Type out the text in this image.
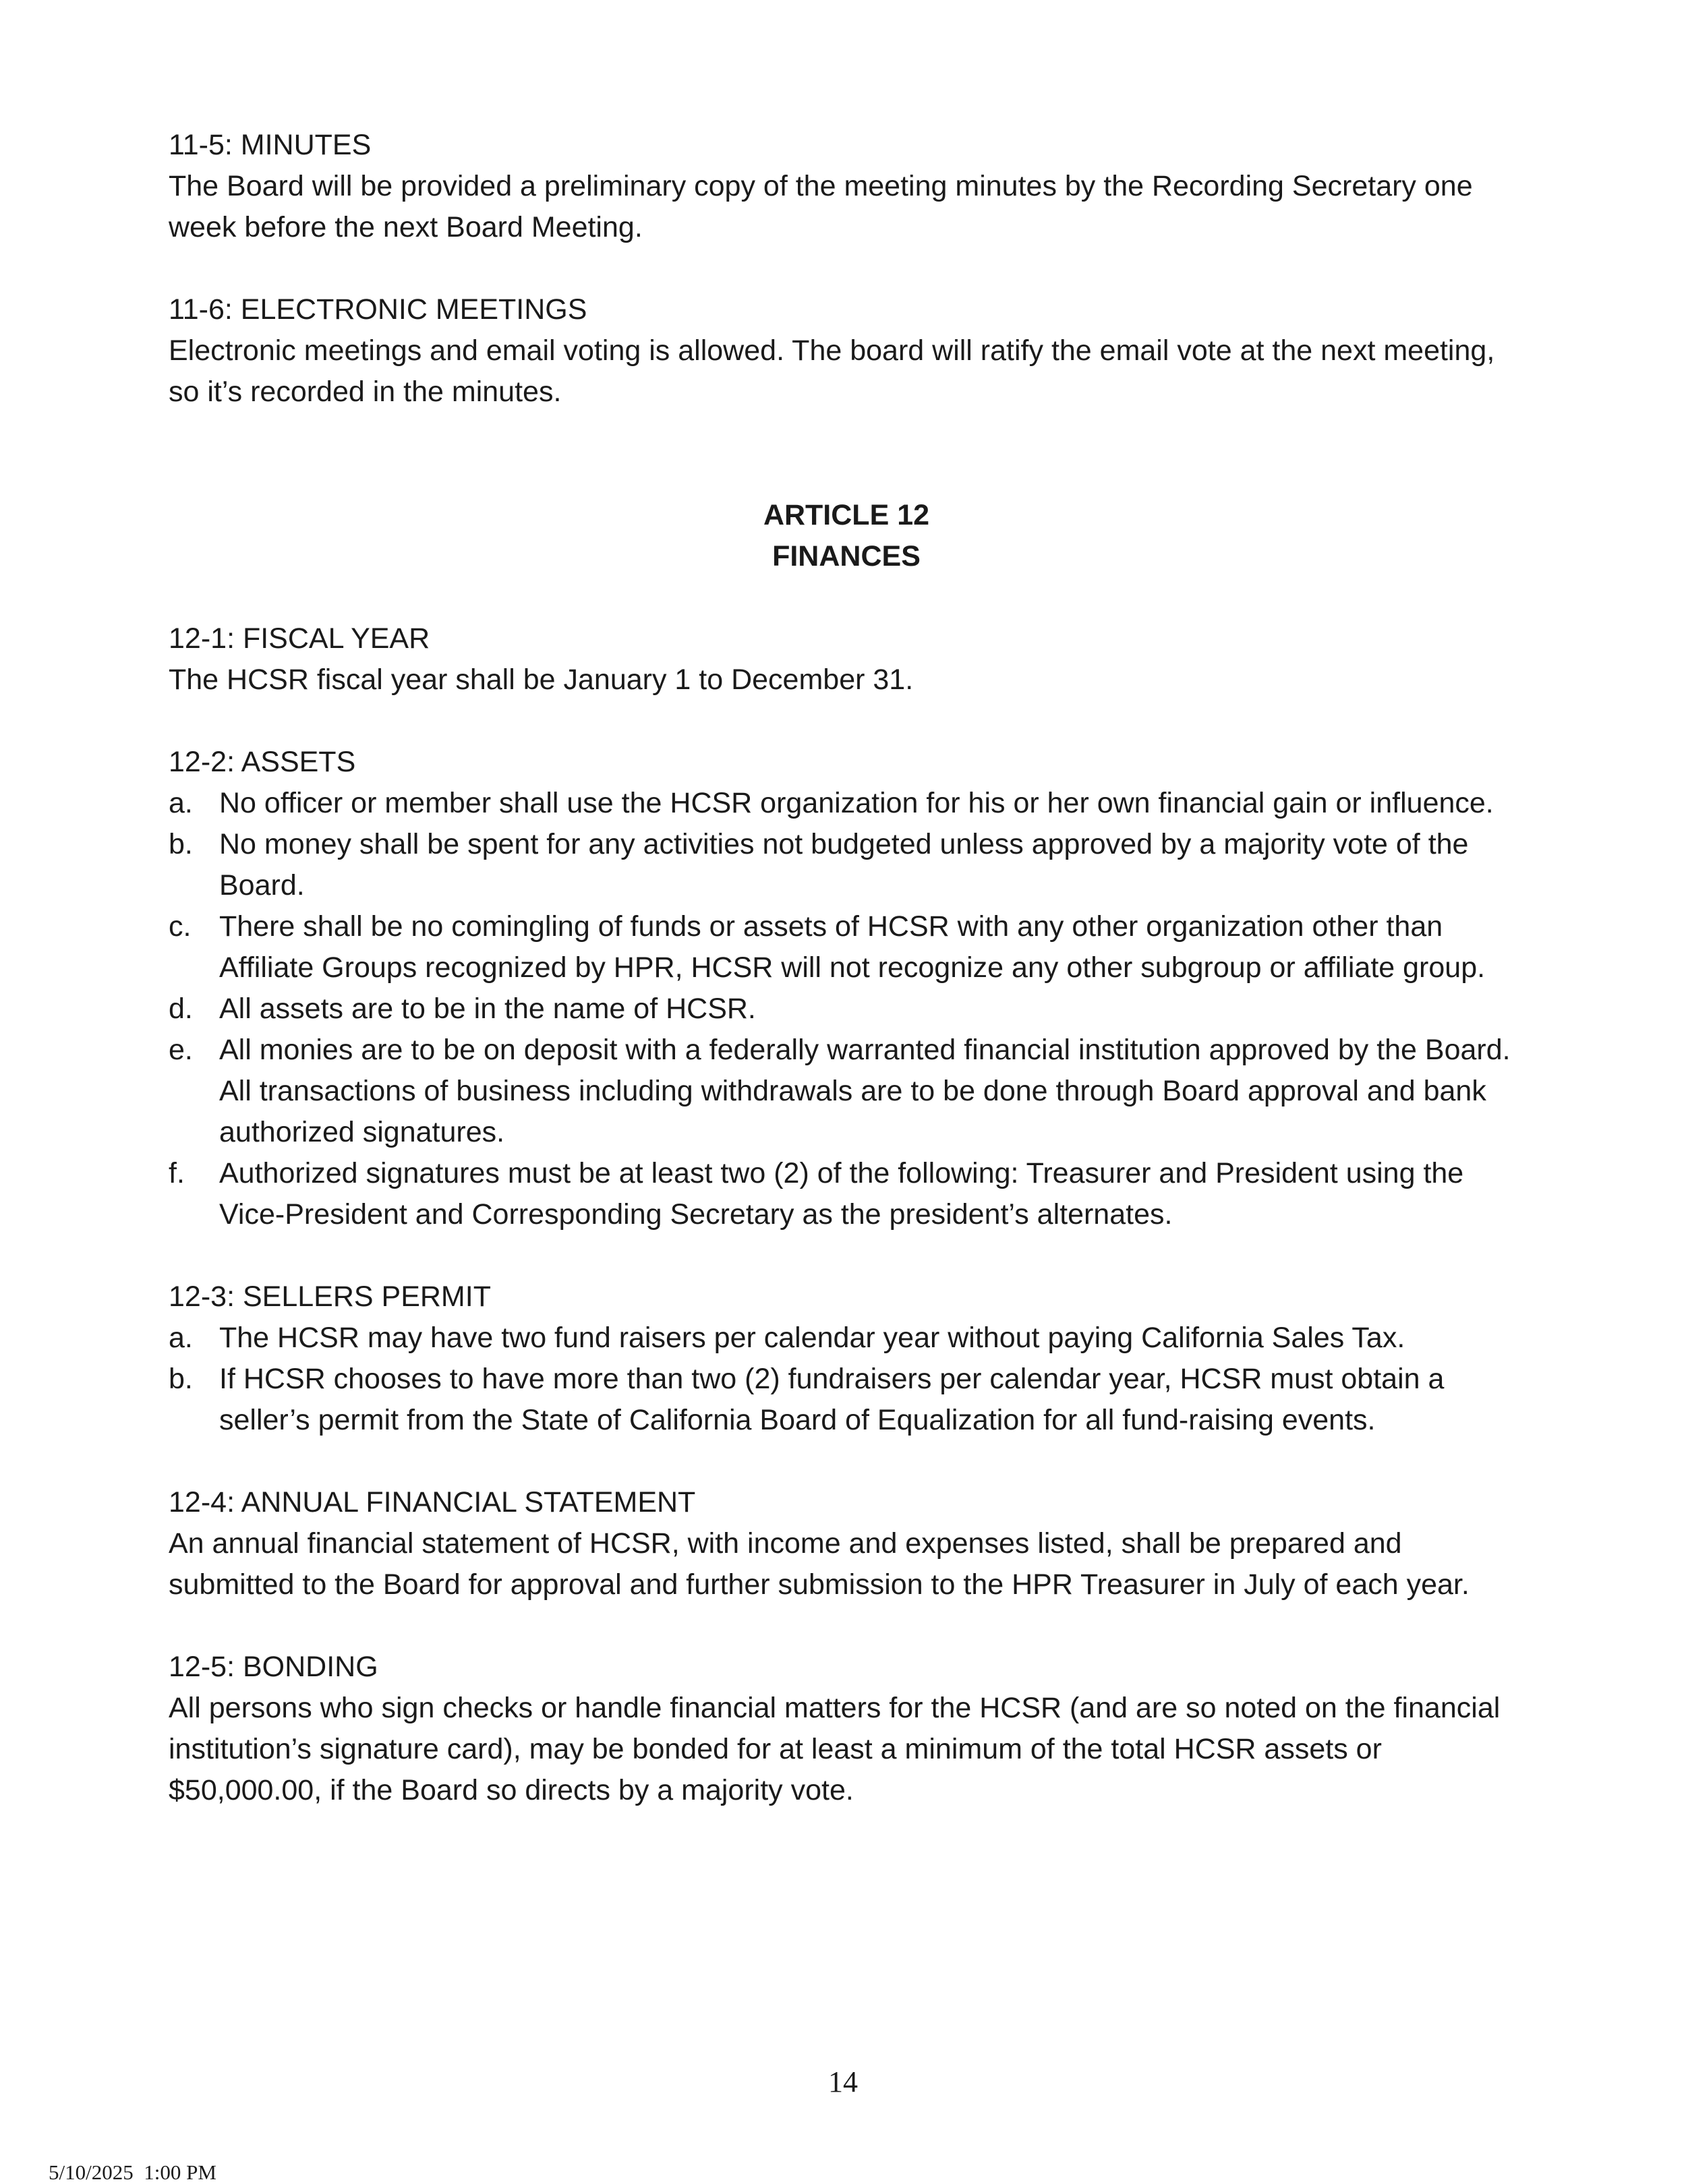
11-5: MINUTES
The Board will be provided a preliminary copy of the meeting minutes by the Recording Secretary one week before the next Board Meeting.
11-6: ELECTRONIC MEETINGS
Electronic meetings and email voting is allowed. The board will ratify the email vote at the next meeting, so it’s recorded in the minutes.
ARTICLE 12
FINANCES
12-1: FISCAL YEAR
The HCSR fiscal year shall be January 1 to December 31.
12-2: ASSETS
a. No officer or member shall use the HCSR organization for his or her own financial gain or influence.
b. No money shall be spent for any activities not budgeted unless approved by a majority vote of the Board.
c. There shall be no comingling of funds or assets of HCSR with any other organization other than Affiliate Groups recognized by HPR, HCSR will not recognize any other subgroup or affiliate group.
d. All assets are to be in the name of HCSR.
e. All monies are to be on deposit with a federally warranted financial institution approved by the Board. All transactions of business including withdrawals are to be done through Board approval and bank authorized signatures.
f. Authorized signatures must be at least two (2) of the following: Treasurer and President using the Vice-President and Corresponding Secretary as the president’s alternates.
12-3: SELLERS PERMIT
a. The HCSR may have two fund raisers per calendar year without paying California Sales Tax.
b. If HCSR chooses to have more than two (2) fundraisers per calendar year, HCSR must obtain a seller’s permit from the State of California Board of Equalization for all fund-raising events.
12-4: ANNUAL FINANCIAL STATEMENT
An annual financial statement of HCSR, with income and expenses listed, shall be prepared and submitted to the Board for approval and further submission to the HPR Treasurer in July of each year.
12-5: BONDING
All persons who sign checks or handle financial matters for the HCSR (and are so noted on the financial institution’s signature card), may be bonded for at least a minimum of the total HCSR assets or $50,000.00, if the Board so directs by a majority vote.
14
5/10/2025  1:00 PM
